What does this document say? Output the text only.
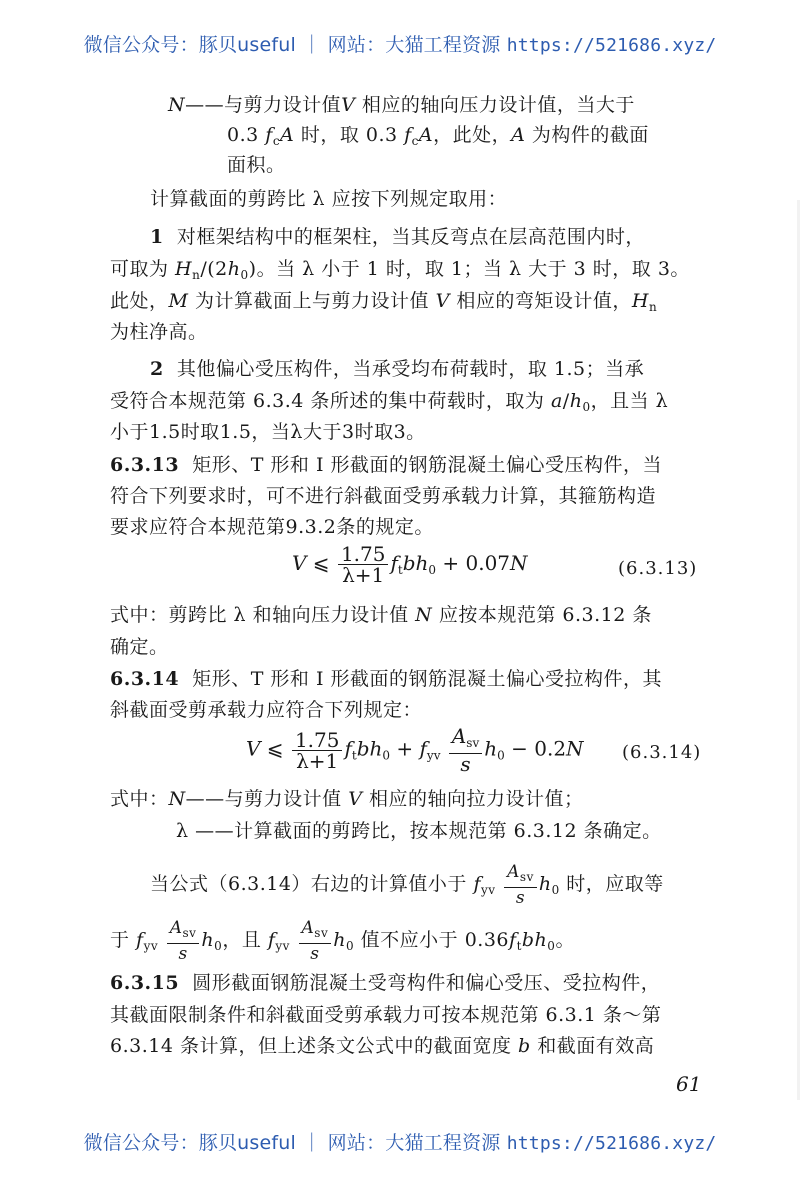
微信公众号：豚贝useful ｜ 网站：大猫工程资源 https://521686.xyz/
N——与剪力设计值V 相应的轴向压力设计值，当大于
0.3 $f_cA$ 时，取 0.3 $f_cA$，此处，A 为构件的截面
面积。
计算截面的剪跨比 λ 应按下列规定取用：
1  对框架结构中的框架柱，当其反弯点在层高范围内时，
可取为 $H_n/(2h_0)$。当 λ 小于 1 时，取 1；当 λ 大于 3 时，取 3。
此处，M 为计算截面上与剪力设计值 V 相应的弯矩设计值，$H_n$
为柱净高。
2  其他偏心受压构件，当承受均布荷载时，取 1.5；当承
受符合本规范第 6.3.4 条所述的集中荷载时，取为 $a/h_0$，且当 λ
小于1.5时取1.5，当λ大于3时取3。
6.3.13  矩形、T 形和 I 形截面的钢筋混凝土偏心受压构件，当
符合下列要求时，可不进行斜截面受剪承载力计算，其箍筋构造
要求应符合本规范第9.3.2条的规定。
V ⩽ $\frac{1.75}{\lambda+1} f_tbh_0 + 0.07N$	(6.3.13)
式中：剪跨比 λ 和轴向压力设计值 N 应按本规范第 6.3.12 条
确定。
6.3.14  矩形、T 形和 I 形截面的钢筋混凝土偏心受拉构件，其
斜截面受剪承载力应符合下列规定：
V ⩽ $\frac{1.75}{\lambda+1} f_tbh_0 + f_{yv} \frac{A_{sv}}{s} h_0 - 0.2N$ (6.3.14)
式中：N——与剪力设计值 V 相应的轴向拉力设计值；
λ ——计算截面的剪跨比，按本规范第 6.3.12 条确定。
当公式（6.3.14）右边的计算值小于 $f_{yv} \frac{A_{sv}}{s} h_0$ 时，应取等
于 $f_{yv} \frac{A_{sv}}{s} h_0$，且 $f_{yv} \frac{A_{sv}}{s} h_0$ 值不应小于 $0.36f_tbh_0$。
6.3.15  圆形截面钢筋混凝土受弯构件和偏心受压、受拉构件，
其截面限制条件和斜截面受剪承载力可按本规范第 6.3.1 条～第
6.3.14 条计算，但上述条文公式中的截面宽度 b 和截面有效高
61
微信公众号：豚贝useful ｜ 网站：大猫工程资源 https://521686.xyz/
